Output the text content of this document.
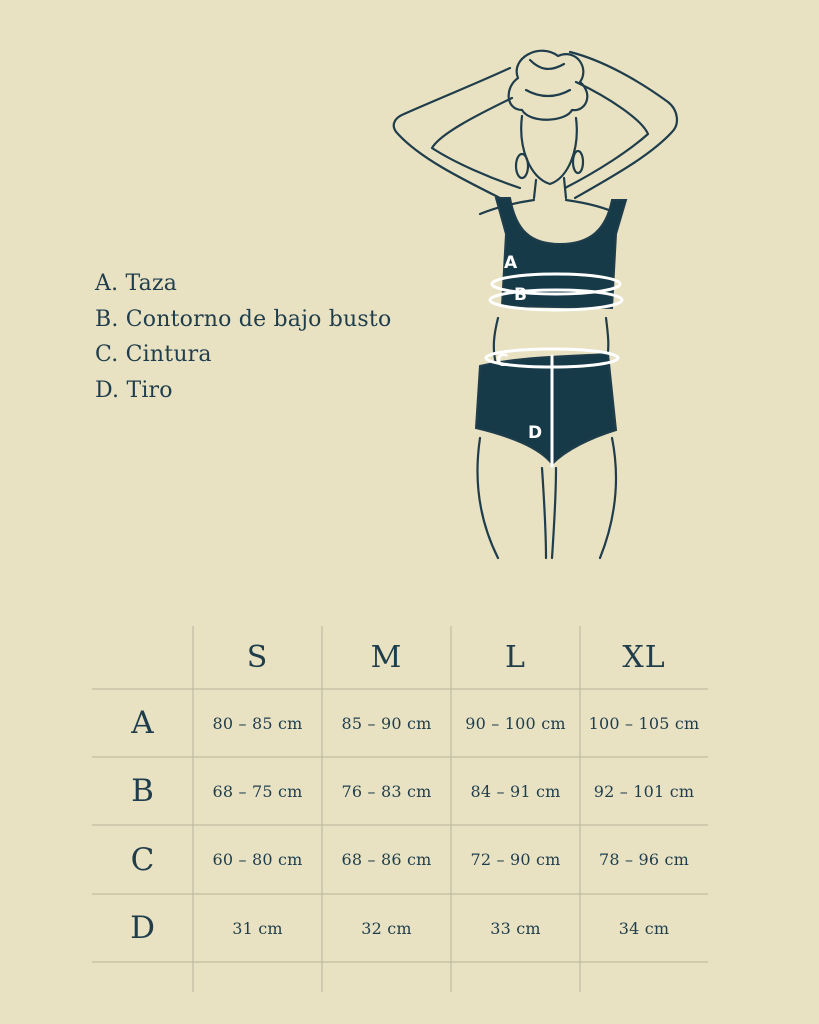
A. Taza
B. Contorno de bajo busto
C. Cintura
D. Tiro
A
B
C
D
S	M	L	XL
A	80 – 85 cm	85 – 90 cm	90 – 100 cm	100 – 105 cm
B	68 – 75 cm	76 – 83 cm	84 – 91 cm	92 – 101 cm
C	60 – 80 cm	68 – 86 cm	72 – 90 cm	78 – 96 cm
D	31 cm	32 cm	33 cm	34 cm
